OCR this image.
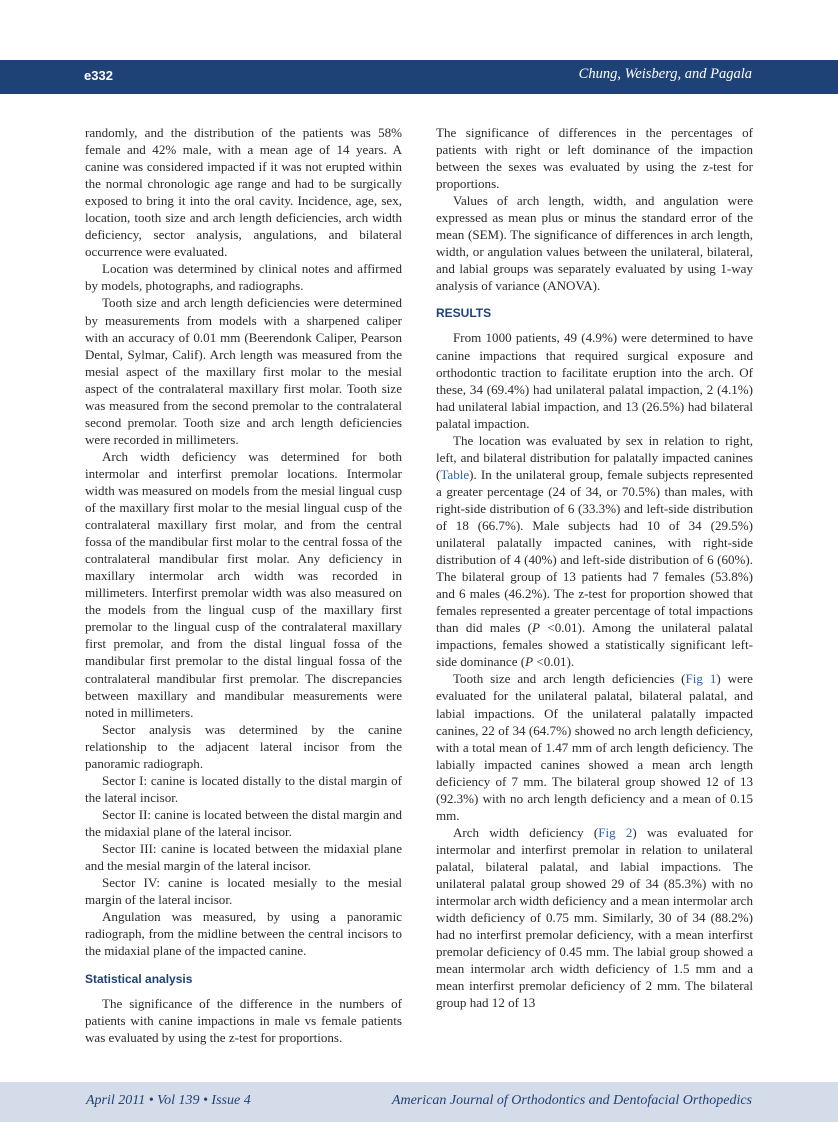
e332	Chung, Weisberg, and Pagala

randomly, and the distribution of the patients was 58% female and 42% male, with a mean age of 14 years. A canine was considered impacted if it was not erupted within the normal chronologic age range and had to be surgically exposed to bring it into the oral cavity. Incidence, age, sex, location, tooth size and arch length deficiencies, arch width deficiency, sector analysis, angulations, and bilateral occurrence were evaluated.

Location was determined by clinical notes and affirmed by models, photographs, and radiographs.

Tooth size and arch length deficiencies were determined by measurements from models with a sharpened caliper with an accuracy of 0.01 mm (Beerendonk Caliper, Pearson Dental, Sylmar, Calif). Arch length was measured from the mesial aspect of the maxillary first molar to the mesial aspect of the contralateral maxillary first molar. Tooth size was measured from the second premolar to the contralateral second premolar. Tooth size and arch length deficiencies were recorded in millimeters.

Arch width deficiency was determined for both intermolar and interfirst premolar locations. Intermolar width was measured on models from the mesial lingual cusp of the maxillary first molar to the mesial lingual cusp of the contralateral maxillary first molar, and from the central fossa of the mandibular first molar to the central fossa of the contralateral mandibular first molar. Any deficiency in maxillary intermolar arch width was recorded in millimeters. Interfirst premolar width was also measured on the models from the lingual cusp of the maxillary first premolar to the lingual cusp of the contralateral maxillary first premolar, and from the distal lingual fossa of the mandibular first premolar to the distal lingual fossa of the contralateral mandibular first premolar. The discrepancies between maxillary and mandibular measurements were noted in millimeters.

Sector analysis was determined by the canine relationship to the adjacent lateral incisor from the panoramic radiograph.

Sector I: canine is located distally to the distal margin of the lateral incisor.

Sector II: canine is located between the distal margin and the midaxial plane of the lateral incisor.

Sector III: canine is located between the midaxial plane and the mesial margin of the lateral incisor.

Sector IV: canine is located mesially to the mesial margin of the lateral incisor.

Angulation was measured, by using a panoramic radiograph, from the midline between the central incisors to the midaxial plane of the impacted canine.

Statistical analysis

The significance of the difference in the numbers of patients with canine impactions in male vs female patients was evaluated by using the z-test for proportions.

The significance of differences in the percentages of patients with right or left dominance of the impaction between the sexes was evaluated by using the z-test for proportions.

Values of arch length, width, and angulation were expressed as mean plus or minus the standard error of the mean (SEM). The significance of differences in arch length, width, or angulation values between the unilateral, bilateral, and labial groups was separately evaluated by using 1-way analysis of variance (ANOVA).

RESULTS

From 1000 patients, 49 (4.9%) were determined to have canine impactions that required surgical exposure and orthodontic traction to facilitate eruption into the arch. Of these, 34 (69.4%) had unilateral palatal impaction, 2 (4.1%) had unilateral labial impaction, and 13 (26.5%) had bilateral palatal impaction.

The location was evaluated by sex in relation to right, left, and bilateral distribution for palatally impacted canines (Table). In the unilateral group, female subjects represented a greater percentage (24 of 34, or 70.5%) than males, with right-side distribution of 6 (33.3%) and left-side distribution of 18 (66.7%). Male subjects had 10 of 34 (29.5%) unilateral palatally impacted canines, with right-side distribution of 4 (40%) and left-side distribution of 6 (60%). The bilateral group of 13 patients had 7 females (53.8%) and 6 males (46.2%). The z-test for proportion showed that females represented a greater percentage of total impactions than did males (P <0.01). Among the unilateral palatal impactions, females showed a statistically significant left-side dominance (P <0.01).

Tooth size and arch length deficiencies (Fig 1) were evaluated for the unilateral palatal, bilateral palatal, and labial impactions. Of the unilateral palatally impacted canines, 22 of 34 (64.7%) showed no arch length deficiency, with a total mean of 1.47 mm of arch length deficiency. The labially impacted canines showed a mean arch length deficiency of 7 mm. The bilateral group showed 12 of 13 (92.3%) with no arch length deficiency and a mean of 0.15 mm.

Arch width deficiency (Fig 2) was evaluated for intermolar and interfirst premolar in relation to unilateral palatal, bilateral palatal, and labial impactions. The unilateral palatal group showed 29 of 34 (85.3%) with no intermolar arch width deficiency and a mean intermolar arch width deficiency of 0.75 mm. Similarly, 30 of 34 (88.2%) had no interfirst premolar deficiency, with a mean interfirst premolar deficiency of 0.45 mm. The labial group showed a mean intermolar arch width deficiency of 1.5 mm and a mean interfirst premolar deficiency of 2 mm. The bilateral group had 12 of 13

April 2011 • Vol 139 • Issue 4	American Journal of Orthodontics and Dentofacial Orthopedics
